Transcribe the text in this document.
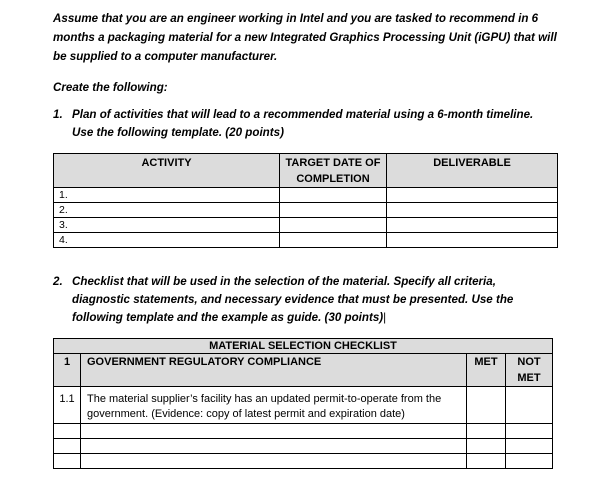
Assume that you are an engineer working in Intel and you are tasked to recommend in 6 months a packaging material for a new Integrated Graphics Processing Unit (iGPU) that will be supplied to a computer manufacturer.

Create the following:

1. Plan of activities that will lead to a recommended material using a 6-month timeline. Use the following template. (20 points)
ACTIVITY	TARGET DATE OF COMPLETION	DELIVERABLE
1.		
2.		
3.		
4.		
2. Checklist that will be used in the selection of the material. Specify all criteria, diagnostic statements, and necessary evidence that must be presented. Use the following template and the example as guide. (30 points)|
MATERIAL SELECTION CHECKLIST			
1	GOVERNMENT REGULATORY COMPLIANCE	MET	NOT MET
1.1	The material supplier’s facility has an updated permit-to-operate from the government. (Evidence: copy of latest permit and expiration date)		
